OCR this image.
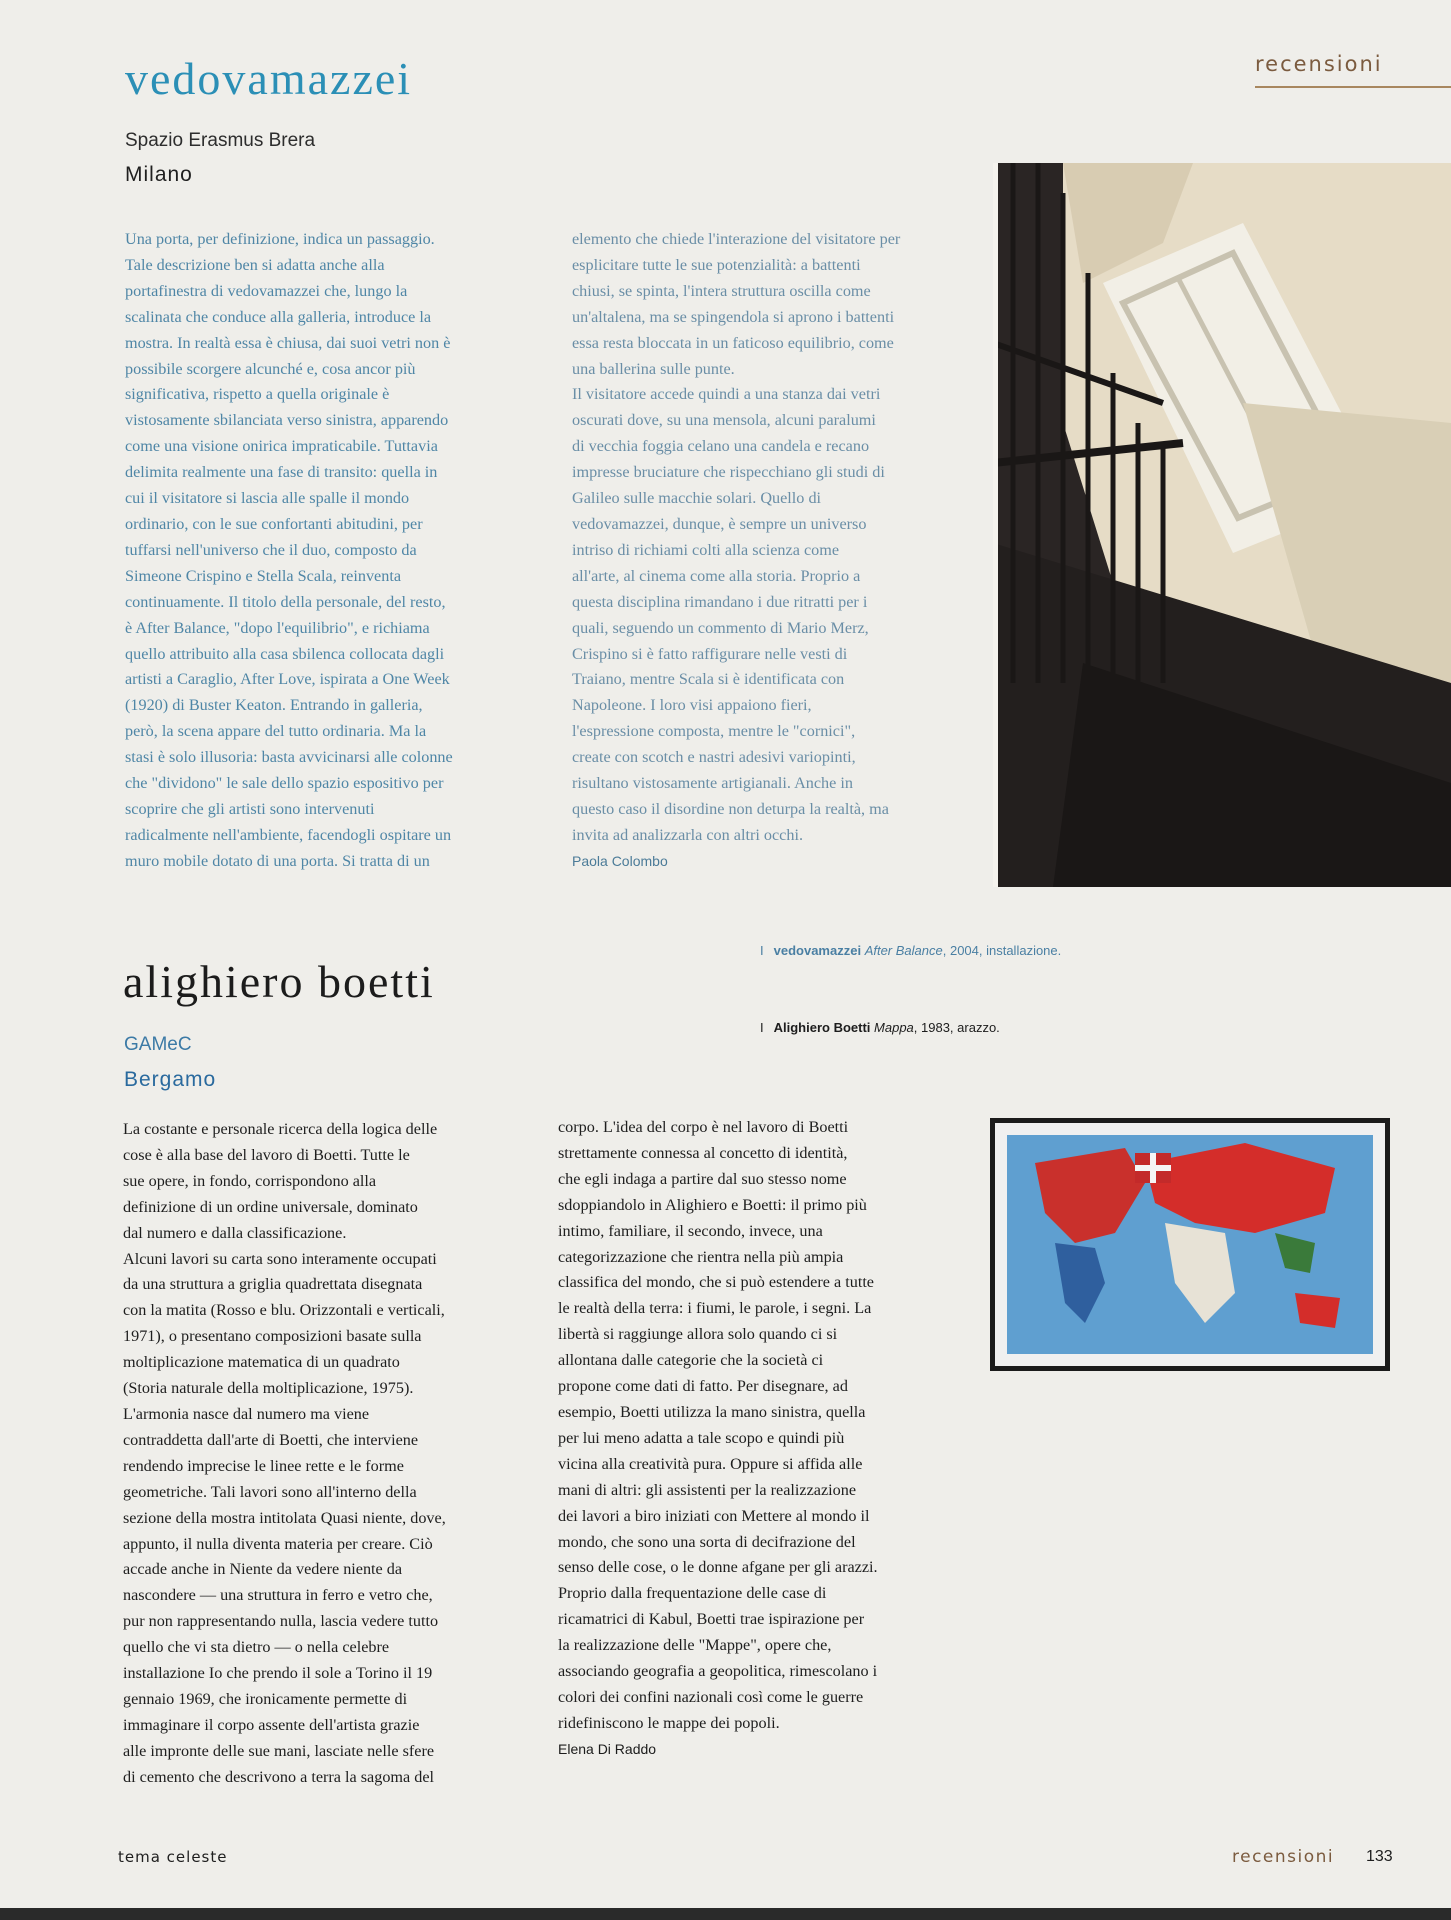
recensioni
vedovamazzei
Spazio Erasmus Brera
Milano

Una porta, per definizione, indica un passaggio.

Tale descrizione ben si adatta anche alla

portafinestra di vedovamazzei che, lungo la

scalinata che conduce alla galleria, introduce la

mostra. In realtà essa è chiusa, dai suoi vetri non è

possibile scorgere alcunché e, cosa ancor più

significativa, rispetto a quella originale è

vistosamente sbilanciata verso sinistra, apparendo

come una visione onirica impraticabile. Tuttavia

delimita realmente una fase di transito: quella in

cui il visitatore si lascia alle spalle il mondo

ordinario, con le sue confortanti abitudini, per

tuffarsi nell'universo che il duo, composto da

Simeone Crispino e Stella Scala, reinventa

continuamente. Il titolo della personale, del resto,

è After Balance, "dopo l'equilibrio", e richiama

quello attribuito alla casa sbilenca collocata dagli

artisti a Caraglio, After Love, ispirata a One Week

(1920) di Buster Keaton. Entrando in galleria,

però, la scena appare del tutto ordinaria. Ma la

stasi è solo illusoria: basta avvicinarsi alle colonne

che "dividono" le sale dello spazio espositivo per

scoprire che gli artisti sono intervenuti

radicalmente nell'ambiente, facendogli ospitare un

muro mobile dotato di una porta. Si tratta di un

elemento che chiede l'interazione del visitatore per

esplicitare tutte le sue potenzialità: a battenti

chiusi, se spinta, l'intera struttura oscilla come

un'altalena, ma se spingendola si aprono i battenti

essa resta bloccata in un faticoso equilibrio, come

una ballerina sulle punte.

Il visitatore accede quindi a una stanza dai vetri

oscurati dove, su una mensola, alcuni paralumi

di vecchia foggia celano una candela e recano

impresse bruciature che rispecchiano gli studi di

Galileo sulle macchie solari. Quello di

vedovamazzei, dunque, è sempre un universo

intriso di richiami colti alla scienza come

all'arte, al cinema come alla storia. Proprio a

questa disciplina rimandano i due ritratti per i

quali, seguendo un commento di Mario Merz,

Crispino si è fatto raffigurare nelle vesti di

Traiano, mentre Scala si è identificata con

Napoleone. I loro visi appaiono fieri,

l'espressione composta, mentre le "cornici",

create con scotch e nastri adesivi variopinti,

risultano vistosamente artigianali. Anche in

questo caso il disordine non deturpa la realtà, ma

invita ad analizzarla con altri occhi.

Paola Colombo

I vedovamazzei After Balance, 2004, installazione.
alighiero boetti
I Alighiero Boetti Mappa, 1983, arazzo.
GAMeC
Bergamo

La costante e personale ricerca della logica delle

cose è alla base del lavoro di Boetti. Tutte le

sue opere, in fondo, corrispondono alla

definizione di un ordine universale, dominato

dal numero e dalla classificazione.

Alcuni lavori su carta sono interamente occupati

da una struttura a griglia quadrettata disegnata

con la matita (Rosso e blu. Orizzontali e verticali,

1971), o presentano composizioni basate sulla

moltiplicazione matematica di un quadrato

(Storia naturale della moltiplicazione, 1975).

L'armonia nasce dal numero ma viene

contraddetta dall'arte di Boetti, che interviene

rendendo imprecise le linee rette e le forme

geometriche. Tali lavori sono all'interno della

sezione della mostra intitolata Quasi niente, dove,

appunto, il nulla diventa materia per creare. Ciò

accade anche in Niente da vedere niente da

nascondere — una struttura in ferro e vetro che,

pur non rappresentando nulla, lascia vedere tutto

quello che vi sta dietro — o nella celebre

installazione Io che prendo il sole a Torino il 19

gennaio 1969, che ironicamente permette di

immaginare il corpo assente dell'artista grazie

alle impronte delle sue mani, lasciate nelle sfere

di cemento che descrivono a terra la sagoma del

corpo. L'idea del corpo è nel lavoro di Boetti

strettamente connessa al concetto di identità,

che egli indaga a partire dal suo stesso nome

sdoppiandolo in Alighiero e Boetti: il primo più

intimo, familiare, il secondo, invece, una

categorizzazione che rientra nella più ampia

classifica del mondo, che si può estendere a tutte

le realtà della terra: i fiumi, le parole, i segni. La

libertà si raggiunge allora solo quando ci si

allontana dalle categorie che la società ci

propone come dati di fatto. Per disegnare, ad

esempio, Boetti utilizza la mano sinistra, quella

per lui meno adatta a tale scopo e quindi più

vicina alla creatività pura. Oppure si affida alle

mani di altri: gli assistenti per la realizzazione

dei lavori a biro iniziati con Mettere al mondo il

mondo, che sono una sorta di decifrazione del

senso delle cose, o le donne afgane per gli arazzi.

Proprio dalla frequentazione delle case di

ricamatrici di Kabul, Boetti trae ispirazione per

la realizzazione delle "Mappe", opere che,

associando geografia a geopolitica, rimescolano i

colori dei confini nazionali così come le guerre

ridefiniscono le mappe dei popoli.

Elena Di Raddo

tema celeste	recensioni 133
